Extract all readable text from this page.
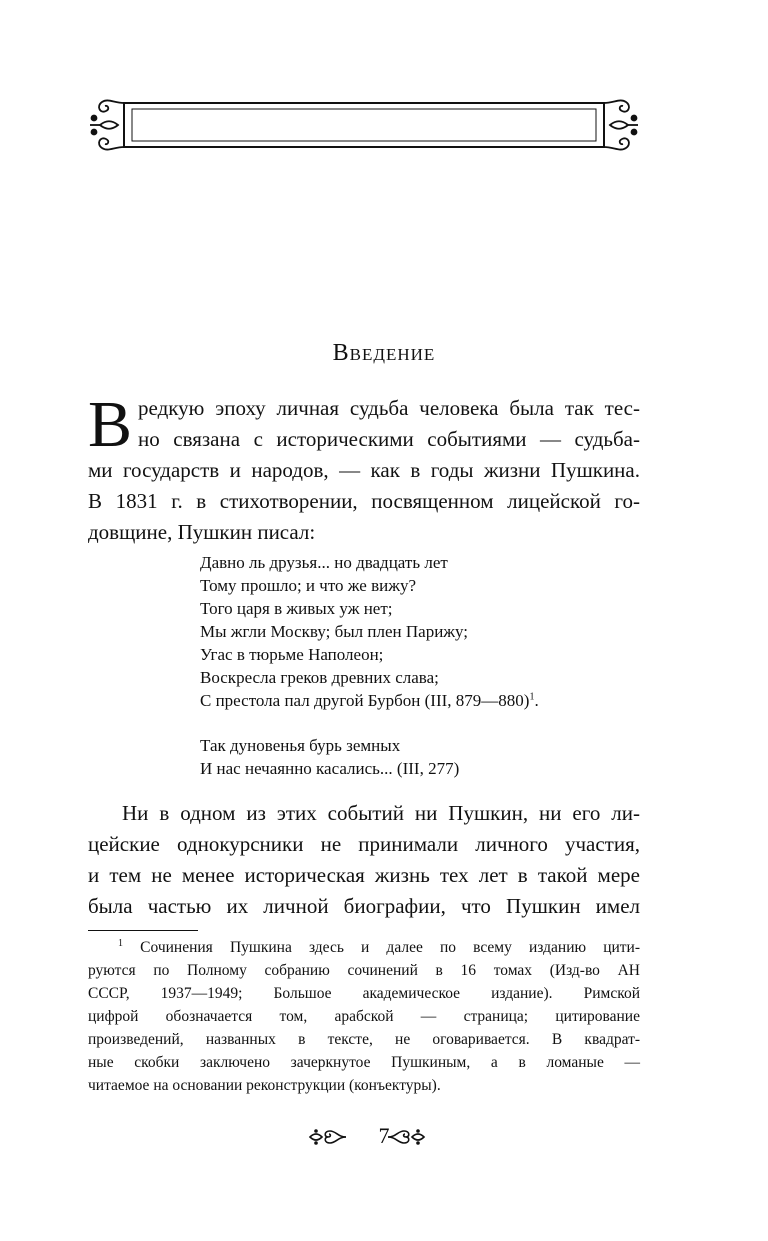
Введение
В редкую эпоху личная судьба человека была так тес-
но связана с историческими событиями — судьба-
ми государств и народов, — как в годы жизни Пушкина.
В 1831 г. в стихотворении, посвященном лицейской го-
довщине, Пушкин писал:
Давно ль друзья... но двадцать лет
Тому прошло; и что же вижу?
Того царя в живых уж нет;
Мы жгли Москву; был плен Парижу;
Угас в тюрьме Наполеон;
Воскресла греков древних слава;
С престола пал другой Бурбон (III, 879—880)$^1$.
Так дуновенья бурь земных
И нас нечаянно касались... (III, 277)
Ни в одном из этих событий ни Пушкин, ни его ли-
цейские однокурсники не принимали личного участия,
и тем не менее историческая жизнь тех лет в такой мере
была частью их личной биографии, что Пушкин имел
$^1$ Сочинения Пушкина здесь и далее по всему изданию цити-
руются по Полному собранию сочинений в 16 томах (Изд-во АН
СССР, 1937—1949; Большое академическое издание). Римской
цифрой обозначается том, арабской — страница; цитирование
произведений, названных в тексте, не оговаривается. В квадрат-
ные скобки заключено зачеркнутое Пушкиным, а в ломаные —
читаемое на основании реконструкции (конъектуры).
7
